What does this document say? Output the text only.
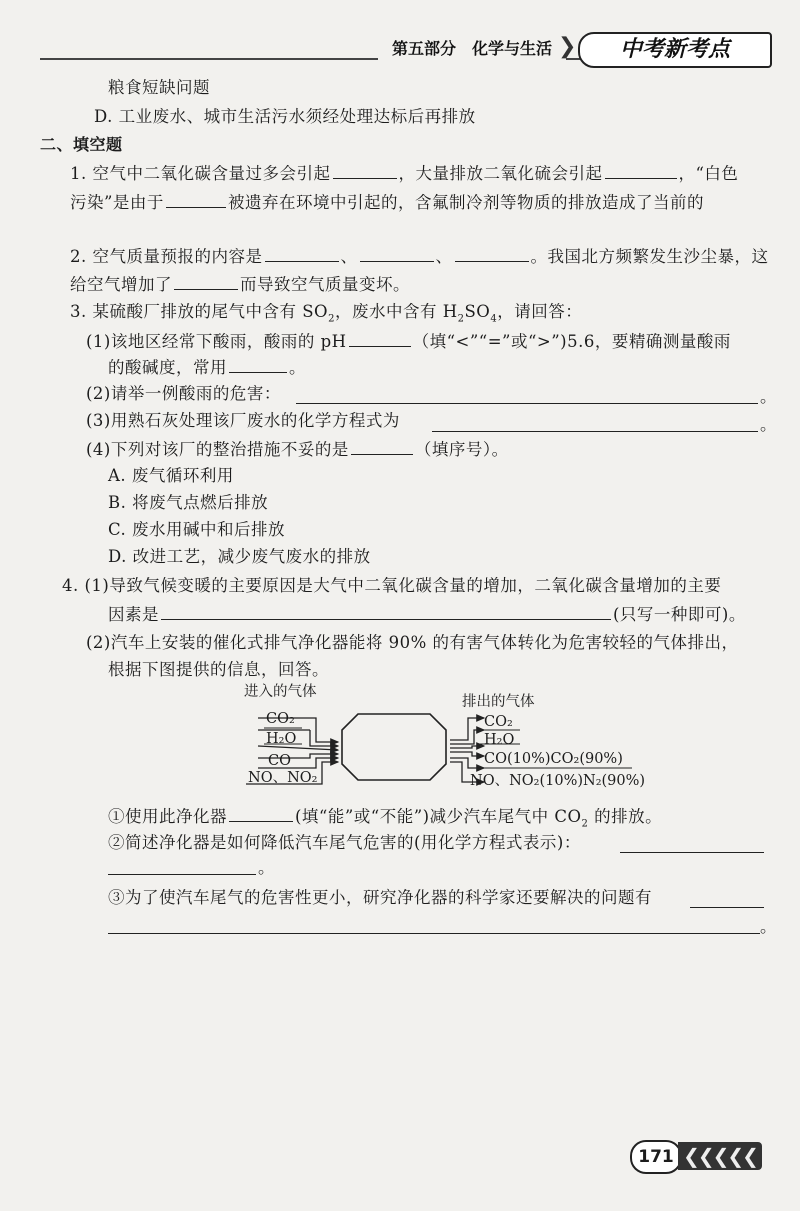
第五部分　化学与生活 ❯	中考新考点
粮食短缺问题
D. 工业废水、城市生活污水须经处理达标后再排放
二、填空题
1. 空气中二氧化碳含量过多会引起	，大量排放二氧化硫会引起	，“白色
污染”是由于	被遗弃在环境中引起的，含氟制冷剂等物质的排放造成了当前的
2. 空气质量预报的内容是	、	、	。我国北方频繁发生沙尘暴，这
给空气增加了	而导致空气质量变坏。
3. 某硫酸厂排放的尾气中含有 $SO_2$，废水中含有 $H_2SO_4$，请回答：
(1)该地区经常下酸雨，酸雨的 pH	（填“<”“=”或“>”)5.6，要精确测量酸雨
的酸碱度，常用	。
(2)请举一例酸雨的危害：	。
(3)用熟石灰处理该厂废水的化学方程式为	。
(4)下列对该厂的整治措施不妥的是	（填序号）。
A. 废气循环利用
B. 将废气点燃后排放
C. 废水用碱中和后排放
D. 改进工艺，减少废气废水的排放
4. (1)导致气候变暖的主要原因是大气中二氧化碳含量的增加，二氧化碳含量增加的主要
因素是	(只写一种即可)。
(2)汽车上安装的催化式排气净化器能将 90% 的有害气体转化为危害较轻的气体排出，
根据下图提供的信息，回答。
进入的气体
排出的气体
CO₂
H₂O
CO
NO、NO₂
CO₂
H₂O
CO(10%)CO₂(90%)
NO、NO₂(10%)N₂(90%)
①使用此净化器	(填“能”或“不能”)减少汽车尾气中 $CO_2$ 的排放。
②简述净化器是如何降低汽车尾气危害的(用化学方程式表示)：
。
③为了使汽车尾气的危害性更小，研究净化器的科学家还要解决的问题有
。
171 ❮❮❮❮❮
